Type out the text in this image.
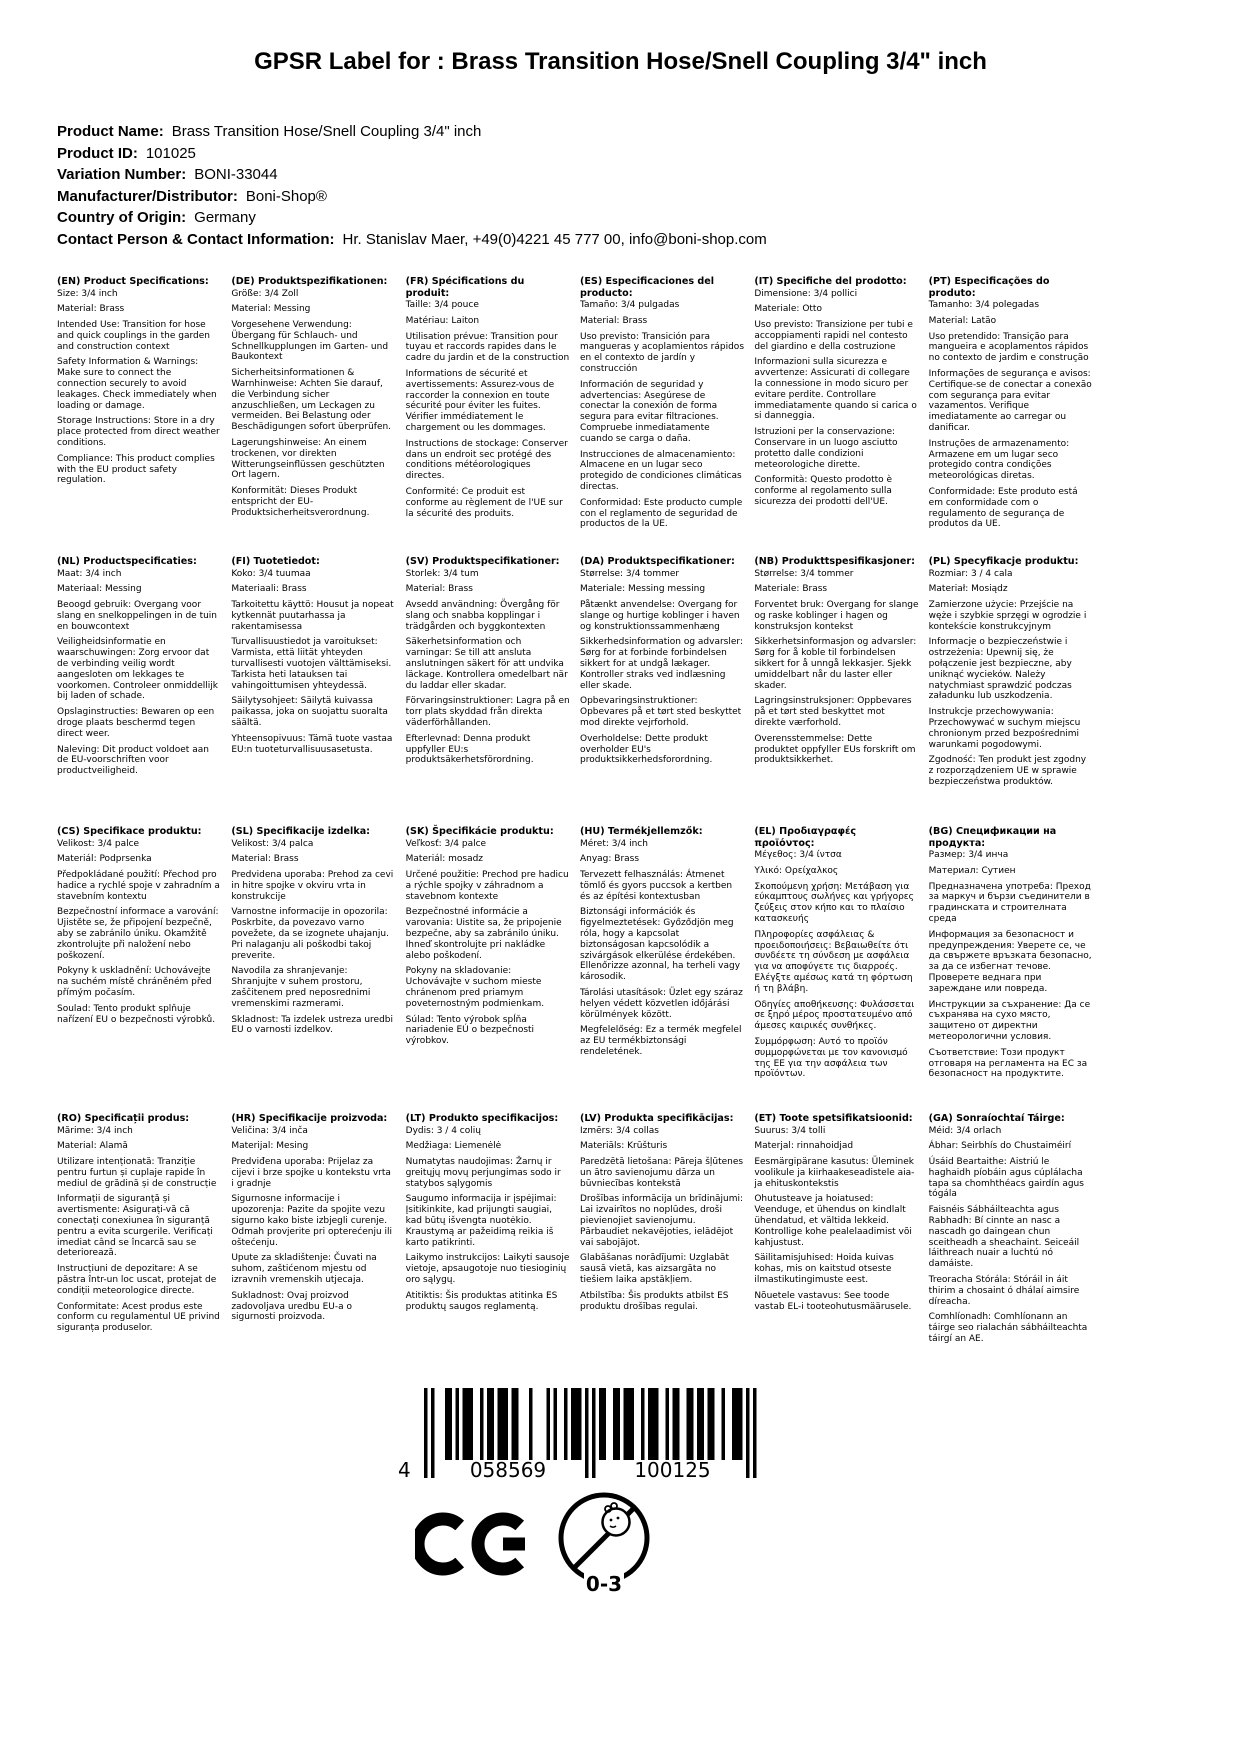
GPSR Label for : Brass Transition Hose/Snell Coupling 3/4" inch
Product Name: Brass Transition Hose/Snell Coupling 3/4" inch
Product ID: 101025
Variation Number: BONI-33044
Manufacturer/Distributor: Boni-Shop®
Country of Origin: Germany
Contact Person & Contact Information: Hr. Stanislav Maer, +49(0)4221 45 777 00, info@boni-shop.com
(EN) Product Specifications:

Size: 3/4 inch

Material: Brass

Intended Use: Transition for hose and quick couplings in the garden and construction context

Safety Information & Warnings: Make sure to connect the connection securely to avoid leakages. Check immediately when loading or damage.

Storage Instructions: Store in a dry place protected from direct weather conditions.

Compliance: This product complies with the EU product safety regulation.

(DE) Produktspezifikationen:

Größe: 3/4 Zoll

Material: Messing

Vorgesehene Verwendung: Übergang für Schlauch- und Schnellkupplungen im Garten- und Baukontext

Sicherheitsinformationen & Warnhinweise: Achten Sie darauf, die Verbindung sicher anzuschließen, um Leckagen zu vermeiden. Bei Belastung oder Beschädigungen sofort überprüfen.

Lagerungshinweise: An einem trockenen, vor direkten Witterungseinflüssen geschützten Ort lagern.

Konformität: Dieses Produkt entspricht der EU-Produktsicherheitsverordnung.

(FR) Spécifications du produit:

Taille: 3/4 pouce

Matériau: Laiton

Utilisation prévue: Transition pour tuyau et raccords rapides dans le cadre du jardin et de la construction

Informations de sécurité et avertissements: Assurez-vous de raccorder la connexion en toute sécurité pour éviter les fuites. Vérifier immédiatement le chargement ou les dommages.

Instructions de stockage: Conserver dans un endroit sec protégé des conditions météorologiques directes.

Conformité: Ce produit est conforme au règlement de l'UE sur la sécurité des produits.

(ES) Especificaciones del producto:

Tamaño: 3/4 pulgadas

Material: Brass

Uso previsto: Transición para mangueras y acoplamientos rápidos en el contexto de jardín y construcción

Información de seguridad y advertencias: Asegúrese de conectar la conexión de forma segura para evitar filtraciones. Compruebe inmediatamente cuando se carga o daña.

Instrucciones de almacenamiento: Almacene en un lugar seco protegido de condiciones climáticas directas.

Conformidad: Este producto cumple con el reglamento de seguridad de productos de la UE.

(IT) Specifiche del prodotto:

Dimensione: 3/4 pollici

Materiale: Otto

Uso previsto: Transizione per tubi e accoppiamenti rapidi nel contesto del giardino e della costruzione

Informazioni sulla sicurezza e avvertenze: Assicurati di collegare la connessione in modo sicuro per evitare perdite. Controllare immediatamente quando si carica o si danneggia.

Istruzioni per la conservazione: Conservare in un luogo asciutto protetto dalle condizioni meteorologiche dirette.

Conformità: Questo prodotto è conforme al regolamento sulla sicurezza dei prodotti dell'UE.

(PT) Especificações do produto:

Tamanho: 3/4 polegadas

Material: Latão

Uso pretendido: Transição para mangueira e acoplamentos rápidos no contexto de jardim e construção

Informações de segurança e avisos: Certifique-se de conectar a conexão com segurança para evitar vazamentos. Verifique imediatamente ao carregar ou danificar.

Instruções de armazenamento: Armazene em um lugar seco protegido contra condições meteorológicas diretas.

Conformidade: Este produto está em conformidade com o regulamento de segurança de produtos da UE.

(NL) Productspecificaties:

Maat: 3/4 inch

Materiaal: Messing

Beoogd gebruik: Overgang voor slang en snelkoppelingen in de tuin en bouwcontext

Veiligheidsinformatie en waarschuwingen: Zorg ervoor dat de verbinding veilig wordt aangesloten om lekkages te voorkomen. Controleer onmiddellijk bij laden of schade.

Opslaginstructies: Bewaren op een droge plaats beschermd tegen direct weer.

Naleving: Dit product voldoet aan de EU-voorschriften voor productveiligheid.

(FI) Tuotetiedot:

Koko: 3/4 tuumaa

Materiaali: Brass

Tarkoitettu käyttö: Housut ja nopeat kytkennät puutarhassa ja rakentamisessa

Turvallisuustiedot ja varoitukset: Varmista, että liität yhteyden turvallisesti vuotojen välttämiseksi. Tarkista heti latauksen tai vahingoittumisen yhteydessä.

Säilytysohjeet: Säilytä kuivassa paikassa, joka on suojattu suoralta säältä.

Yhteensopivuus: Tämä tuote vastaa EU:n tuoteturvallisuusasetusta.

(SV) Produktspecifikationer:

Storlek: 3/4 tum

Material: Brass

Avsedd användning: Övergång för slang och snabba kopplingar i trädgården och byggkontexten

Säkerhetsinformation och varningar: Se till att ansluta anslutningen säkert för att undvika läckage. Kontrollera omedelbart när du laddar eller skadar.

Förvaringsinstruktioner: Lagra på en torr plats skyddad från direkta väderförhållanden.

Efterlevnad: Denna produkt uppfyller EU:s produktsäkerhetsförordning.

(DA) Produktspecifikationer:

Størrelse: 3/4 tommer

Materiale: Messing messing

Påtænkt anvendelse: Overgang for slange og hurtige koblinger i haven og konstruktionssammenhæng

Sikkerhedsinformation og advarsler: Sørg for at forbinde forbindelsen sikkert for at undgå lækager. Kontroller straks ved indlæsning eller skade.

Opbevaringsinstruktioner: Opbevares på et tørt sted beskyttet mod direkte vejrforhold.

Overholdelse: Dette produkt overholder EU's produktsikkerhedsforordning.

(NB) Produkttspesifikasjoner:

Størrelse: 3/4 tommer

Materiale: Brass

Forventet bruk: Overgang for slange og raske koblinger i hagen og konstruksjon kontekst

Sikkerhetsinformasjon og advarsler: Sørg for å koble til forbindelsen sikkert for å unngå lekkasjer. Sjekk umiddelbart når du laster eller skader.

Lagringsinstruksjoner: Oppbevares på et tørt sted beskyttet mot direkte værforhold.

Overensstemmelse: Dette produktet oppfyller EUs forskrift om produktsikkerhet.

(PL) Specyfikacje produktu:

Rozmiar: 3 / 4 cala

Materiał: Mosiądz

Zamierzone użycie: Przejście na węże i szybkie sprzęgi w ogrodzie i kontekście konstrukcyjnym

Informacje o bezpieczeństwie i ostrzeżenia: Upewnij się, że połączenie jest bezpieczne, aby uniknąć wycieków. Należy natychmiast sprawdzić podczas załadunku lub uszkodzenia.

Instrukcje przechowywania: Przechowywać w suchym miejscu chronionym przed bezpośrednimi warunkami pogodowymi.

Zgodność: Ten produkt jest zgodny z rozporządzeniem UE w sprawie bezpieczeństwa produktów.

(CS) Specifikace produktu:

Velikost: 3/4 palce

Materiál: Podprsenka

Předpokládané použití: Přechod pro hadice a rychlé spoje v zahradním a stavebním kontextu

Bezpečnostní informace a varování: Ujistěte se, že připojení bezpečně, aby se zabránilo úniku. Okamžitě zkontrolujte při naložení nebo poškození.

Pokyny k uskladnění: Uchovávejte na suchém místě chráněném před přímým počasím.

Soulad: Tento produkt splňuje nařízení EU o bezpečnosti výrobků.

(SL) Specifikacije izdelka:

Velikost: 3/4 palca

Material: Brass

Predvidena uporaba: Prehod za cevi in hitre spojke v okviru vrta in konstrukcije

Varnostne informacije in opozorila: Poskrbite, da povezavo varno povežete, da se izognete uhajanju. Pri nalaganju ali poškodbi takoj preverite.

Navodila za shranjevanje: Shranjujte v suhem prostoru, zaščitenem pred neposrednimi vremenskimi razmerami.

Skladnost: Ta izdelek ustreza uredbi EU o varnosti izdelkov.

(SK) Špecifikácie produktu:

Veľkosť: 3/4 palce

Materiál: mosadz

Určené použitie: Prechod pre hadicu a rýchle spojky v záhradnom a stavebnom kontexte

Bezpečnostné informácie a varovania: Uistite sa, že pripojenie bezpečne, aby sa zabránilo úniku. Ihneď skontrolujte pri nakládke alebo poškodení.

Pokyny na skladovanie: Uchovávajte v suchom mieste chránenom pred priamym poveternostným podmienkam.

Súlad: Tento výrobok spĺňa nariadenie EÚ o bezpečnosti výrobkov.

(HU) Termékjellemzők:

Méret: 3/4 inch

Anyag: Brass

Tervezett felhasználás: Átmenet tömlő és gyors puccsok a kertben és az építési kontextusban

Biztonsági információk és figyelmeztetések: Győződjön meg róla, hogy a kapcsolat biztonságosan kapcsolódik a szivárgások elkerülése érdekében. Ellenőrizze azonnal, ha terheli vagy károsodik.

Tárolási utasítások: Üzlet egy száraz helyen védett közvetlen időjárási körülmények között.

Megfelelőség: Ez a termék megfelel az EU termékbiztonsági rendeletének.

(EL) Προδιαγραφές προϊόντος:

Μέγεθος: 3/4 ίντσα

Υλικό: Ορείχαλκος

Σκοπούμενη χρήση: Μετάβαση για εύκαμπτους σωλήνες και γρήγορες ζεύξεις στον κήπο και το πλαίσιο κατασκευής

Πληροφορίες ασφάλειας & προειδοποιήσεις: Βεβαιωθείτε ότι συνδέετε τη σύνδεση με ασφάλεια για να αποφύγετε τις διαρροές. Ελέγξτε αμέσως κατά τη φόρτωση ή τη βλάβη.

Οδηγίες αποθήκευσης: Φυλάσσεται σε ξηρό μέρος προστατευμένο από άμεσες καιρικές συνθήκες.

Συμμόρφωση: Αυτό το προϊόν συμμορφώνεται με τον κανονισμό της ΕΕ για την ασφάλεια των προϊόντων.

(BG) Спецификации на продукта:

Размер: 3/4 инча

Материал: Сутиен

Предназначена употреба: Преход за маркуч и бързи съединители в градинската и строителната среда

Информация за безопасност и предупреждения: Уверете се, че да свържете връзката безопасно, за да се избегнат течове. Проверете веднага при зареждане или повреда.

Инструкции за съхранение: Да се съхранява на сухо място, защитено от директни метеорологични условия.

Съответствие: Този продукт отговаря на регламента на ЕС за безопасност на продуктите.

(RO) Specificații produs:

Mărime: 3/4 inch

Material: Alamă

Utilizare intenționată: Tranziție pentru furtun și cuplaje rapide în mediul de grădină și de construcție

Informații de siguranță și avertismente: Asigurați-vă că conectați conexiunea în siguranță pentru a evita scurgerile. Verificați imediat când se încarcă sau se deteriorează.

Instrucțiuni de depozitare: A se păstra într-un loc uscat, protejat de condiții meteorologice directe.

Conformitate: Acest produs este conform cu regulamentul UE privind siguranța produselor.

(HR) Specifikacije proizvoda:

Veličina: 3/4 inča

Materijal: Mesing

Predviđena uporaba: Prijelaz za cijevi i brze spojke u kontekstu vrta i gradnje

Sigurnosne informacije i upozorenja: Pazite da spojite vezu sigurno kako biste izbjegli curenje. Odmah provjerite pri opterećenju ili oštećenju.

Upute za skladištenje: Čuvati na suhom, zaštićenom mjestu od izravnih vremenskih utjecaja.

Sukladnost: Ovaj proizvod zadovoljava uredbu EU-a o sigurnosti proizvoda.

(LT) Produkto specifikacijos:

Dydis: 3 / 4 colių

Medžiaga: Liemenėlė

Numatytas naudojimas: Žarnų ir greitųjų movų perjungimas sodo ir statybos sąlygomis

Saugumo informacija ir įspėjimai: Įsitikinkite, kad prijungti saugiai, kad būtų išvengta nuotėkio. Kraustymą ar pažeidimą reikia iš karto patikrinti.

Laikymo instrukcijos: Laikyti sausoje vietoje, apsaugotoje nuo tiesioginių oro sąlygų.

Atitiktis: Šis produktas atitinka ES produktų saugos reglamentą.

(LV) Produkta specifikācijas:

Izmērs: 3/4 collas

Materiāls: Krūšturis

Paredzētā lietošana: Pāreja šļūtenes un ātro savienojumu dārza un būvniecības kontekstā

Drošības informācija un brīdinājumi: Lai izvairītos no noplūdes, droši pievienojiet savienojumu. Pārbaudiet nekavējoties, ielādējot vai sabojājot.

Glabāšanas norādījumi: Uzglabāt sausā vietā, kas aizsargāta no tiešiem laika apstākļiem.

Atbilstība: Šis produkts atbilst ES produktu drošības regulai.

(ET) Toote spetsifikatsioonid:

Suurus: 3/4 tolli

Materjal: rinnahoidjad

Eesmärgipärane kasutus: Üleminek voolikule ja kiirhaakeseadistele aia- ja ehituskontekstis

Ohutusteave ja hoiatused: Veenduge, et ühendus on kindlalt ühendatud, et vältida lekkeid. Kontrollige kohe pealelaadimist või kahjustust.

Säilitamisjuhised: Hoida kuivas kohas, mis on kaitstud otseste ilmastikutingimuste eest.

Nõuetele vastavus: See toode vastab EL-i tooteohutusmäärusele.

(GA) Sonraíochtaí Táirge:

Méid: 3/4 orlach

Ábhar: Seirbhís do Chustaiméirí

Úsáid Beartaithe: Aistriú le haghaidh píobáin agus cúplálacha tapa sa chomhthéacs gairdín agus tógála

Faisnéis Sábháilteachta agus Rabhadh: Bí cinnte an nasc a nascadh go daingean chun sceitheadh a sheachaint. Seiceáil láithreach nuair a luchtú nó damáiste.

Treoracha Stórála: Stóráil in áit thirim a chosaint ó dhálaí aimsire díreacha.

Comhlíonadh: Comhlíonann an táirge seo rialachán sábháilteachta táirgí an AE.

4	058569	100125
0-3
